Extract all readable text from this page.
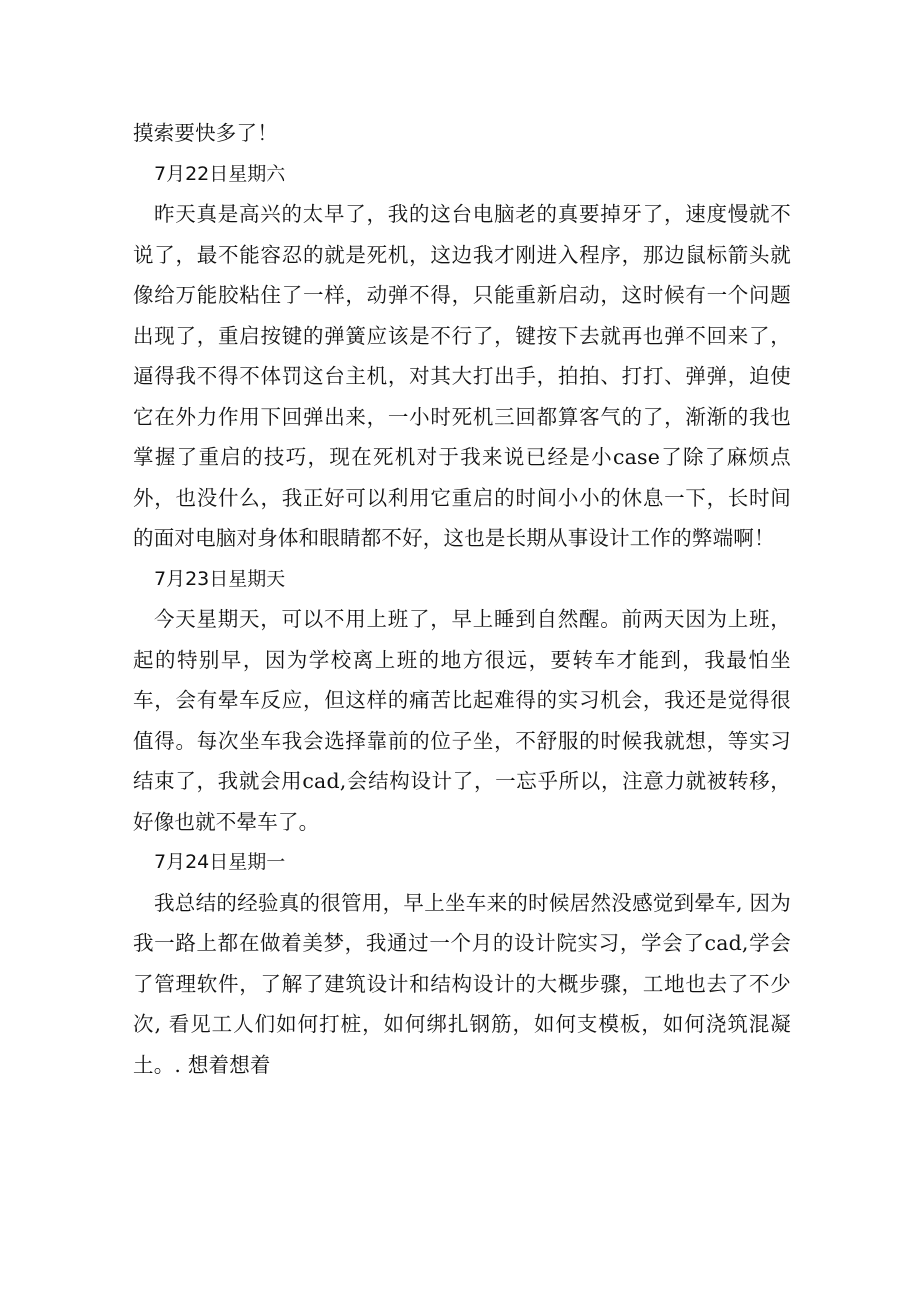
摸索要快多了！

7月22日星期六

昨天真是高兴的太早了，我的这台电脑老的真要掉牙了，速度慢就不说了，最不能容忍的就是死机，这边我才刚进入程序，那边鼠标箭头就像给万能胶粘住了一样，动弹不得，只能重新启动，这时候有一个问题出现了，重启按键的弹簧应该是不行了，键按下去就再也弹不回来了，逼得我不得不体罚这台主机，对其大打出手，拍拍、打打、弹弹，迫使它在外力作用下回弹出来，一小时死机三回都算客气的了，渐渐的我也掌握了重启的技巧，现在死机对于我来说已经是小case了除了麻烦点外，也没什么，我正好可以利用它重启的时间小小的休息一下，长时间的面对电脑对身体和眼睛都不好，这也是长期从事设计工作的弊端啊！

7月23日星期天

今天星期天，可以不用上班了，早上睡到自然醒。前两天因为上班，起的特别早，因为学校离上班的地方很远，要转车才能到，我最怕坐车，会有晕车反应，但这样的痛苦比起难得的实习机会，我还是觉得很值得。每次坐车我会选择靠前的位子坐，不舒服的时候我就想，等实习结束了，我就会用cad,会结构设计了，一忘乎所以，注意力就被转移，好像也就不晕车了。

7月24日星期一

我总结的经验真的很管用，早上坐车来的时候居然没感觉到晕车, 因为我一路上都在做着美梦，我通过一个月的设计院实习，学会了cad,学会了管理软件，了解了建筑设计和结构设计的大概步骤，工地也去了不少次, 看见工人们如何打桩，如何绑扎钢筋，如何支模板，如何浇筑混凝土。. 想着想着
